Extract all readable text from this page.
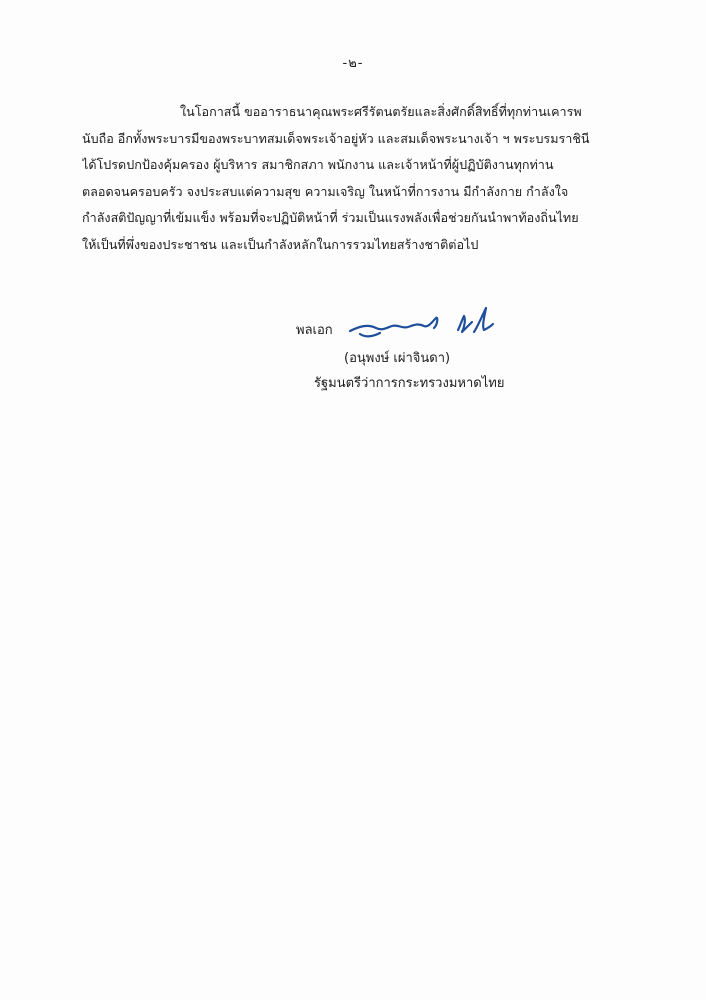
-๒-
ในโอกาสนี้ ขออาราธนาคุณพระศรีรัตนตรัยและสิ่งศักดิ์สิทธิ์ที่ทุกท่านเคารพ
นับถือ อีกทั้งพระบารมีของพระบาทสมเด็จพระเจ้าอยู่หัว และสมเด็จพระนางเจ้า ฯ พระบรมราชินี
ได้โปรดปกป้องคุ้มครอง ผู้บริหาร สมาชิกสภา พนักงาน และเจ้าหน้าที่ผู้ปฏิบัติงานทุกท่าน
ตลอดจนครอบครัว จงประสบแต่ความสุข ความเจริญ ในหน้าที่การงาน มีกำลังกาย กำลังใจ
กำลังสติปัญญาที่เข้มแข็ง พร้อมที่จะปฏิบัติหน้าที่ ร่วมเป็นแรงพลังเพื่อช่วยกันนำพาท้องถิ่นไทย
ให้เป็นที่พึ่งของประชาชน และเป็นกำลังหลักในการรวมไทยสร้างชาติต่อไป
พลเอก
(อนุพงษ์ เผ่าจินดา)
รัฐมนตรีว่าการกระทรวงมหาดไทย
